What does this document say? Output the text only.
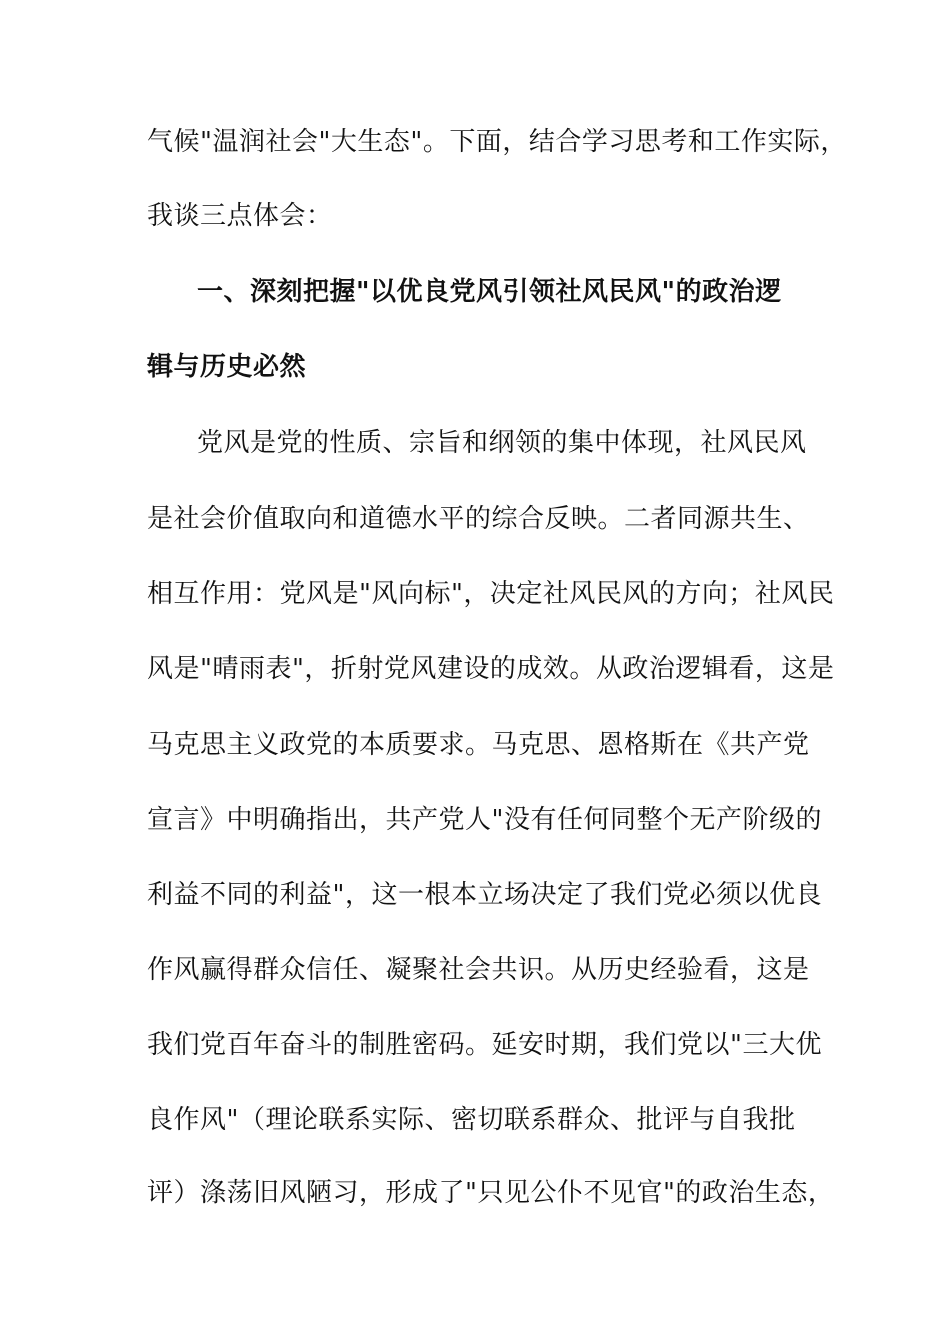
气候"温润社会"大生态"。下面，结合学习思考和工作实际，
我谈三点体会：
一、深刻把握"以优良党风引领社风民风"的政治逻
辑与历史必然
党风是党的性质、宗旨和纲领的集中体现，社风民风
是社会价值取向和道德水平的综合反映。二者同源共生、
相互作用：党风是"风向标"，决定社风民风的方向；社风民
风是"晴雨表"，折射党风建设的成效。从政治逻辑看，这是
马克思主义政党的本质要求。马克思、恩格斯在《共产党
宣言》中明确指出，共产党人"没有任何同整个无产阶级的
利益不同的利益"，这一根本立场决定了我们党必须以优良
作风赢得群众信任、凝聚社会共识。从历史经验看，这是
我们党百年奋斗的制胜密码。延安时期，我们党以"三大优
良作风"（理论联系实际、密切联系群众、批评与自我批
评）涤荡旧风陋习，形成了"只见公仆不见官"的政治生态，
